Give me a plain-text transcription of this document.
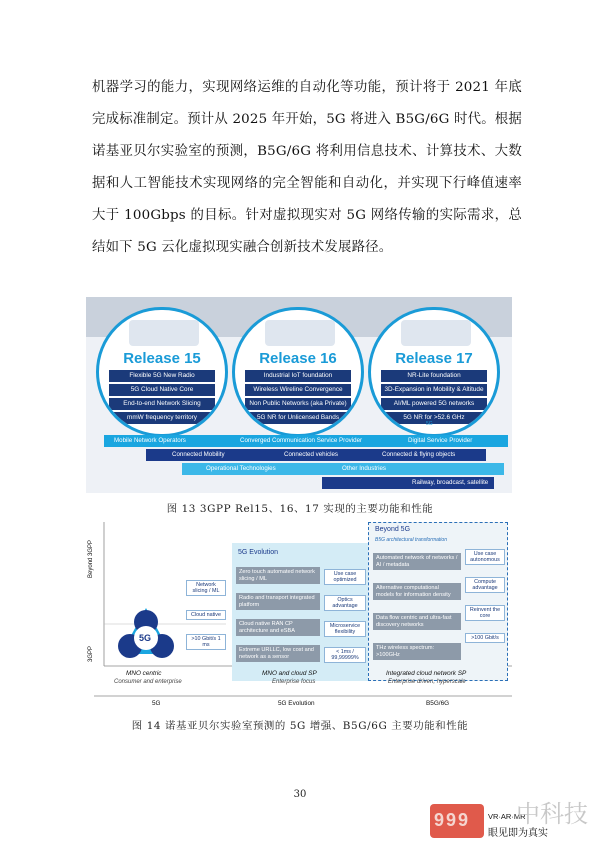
机器学习的能力，实现网络运维的自动化等功能，预计将于 2021 年底完成标准制定。预计从 2025 年开始，5G 将进入 B5G/6G 时代。根据诺基亚贝尔实验室的预测，B5G/6G 将利用信息技术、计算技术、大数据和人工智能技术实现网络的完全智能和自动化，并实现下行峰值速率大于 100Gbps 的目标。针对虚拟现实对 5G 网络传输的实际需求，总结如下 5G 云化虚拟现实融合创新技术发展路径。

Release 15
Flexible 5G New Radio
5G Cloud Native Core
End-to-end Network Slicing
mmW frequency territory
Release 16
Industrial IoT foundation
Wireless Wireline Convergence
Non Public Networks (aka Private)
5G NR for Unlicensed Bands
Release 17
NR-Lite foundation
3D-Expansion in Mobility & Altitude
AI/ML powered 5G networks
5G NR for >52.6 GHz
5G
Mobile Network Operators	Converged Communication Service Provider	Digital Service Provider
Connected Mobility	Connected vehicles	Connected & flying objects
Operational Technologies	Other Industries
Railway, broadcast, satellite
图 13 3GPP Rel15、16、17 实现的主要功能和性能
Beyond 3GPP
3GPP
5G
Network slicing / ML
Cloud native
>10 Gbit/s 1 ms
5G Evolution
Zero touch automated network slicing / ML
Radio and transport integrated platform
Cloud native RAN CP architecture and eSBA
Extreme URLLC, low cost and network as a sensor
Use case optimized
Optics advantage
Microservice flexibility
< 1ms / 99,99999%
Beyond 5G
B5G architectural transformation
Automated network of networks / AI / metadata
Alternative computational models for information density
Data flow centric and ultra-fast discovery networks
THz wireless spectrum: >100GHz
Use case autonomous
Compute advantage
Reinvent the core
>100 Gbit/s
MNO centric
Consumer and enterprise
MNO and cloud SP
Enterprise focus
Integrated cloud network SP
Enterprise driven, hyperscale
5G	5G Evolution	B5G/6G
图 14 诺基亚贝尔实验室预测的 5G 增强、B5G/6G 主要功能和性能
30
999 VR·AR·MR
眼见即为真实
中科技
